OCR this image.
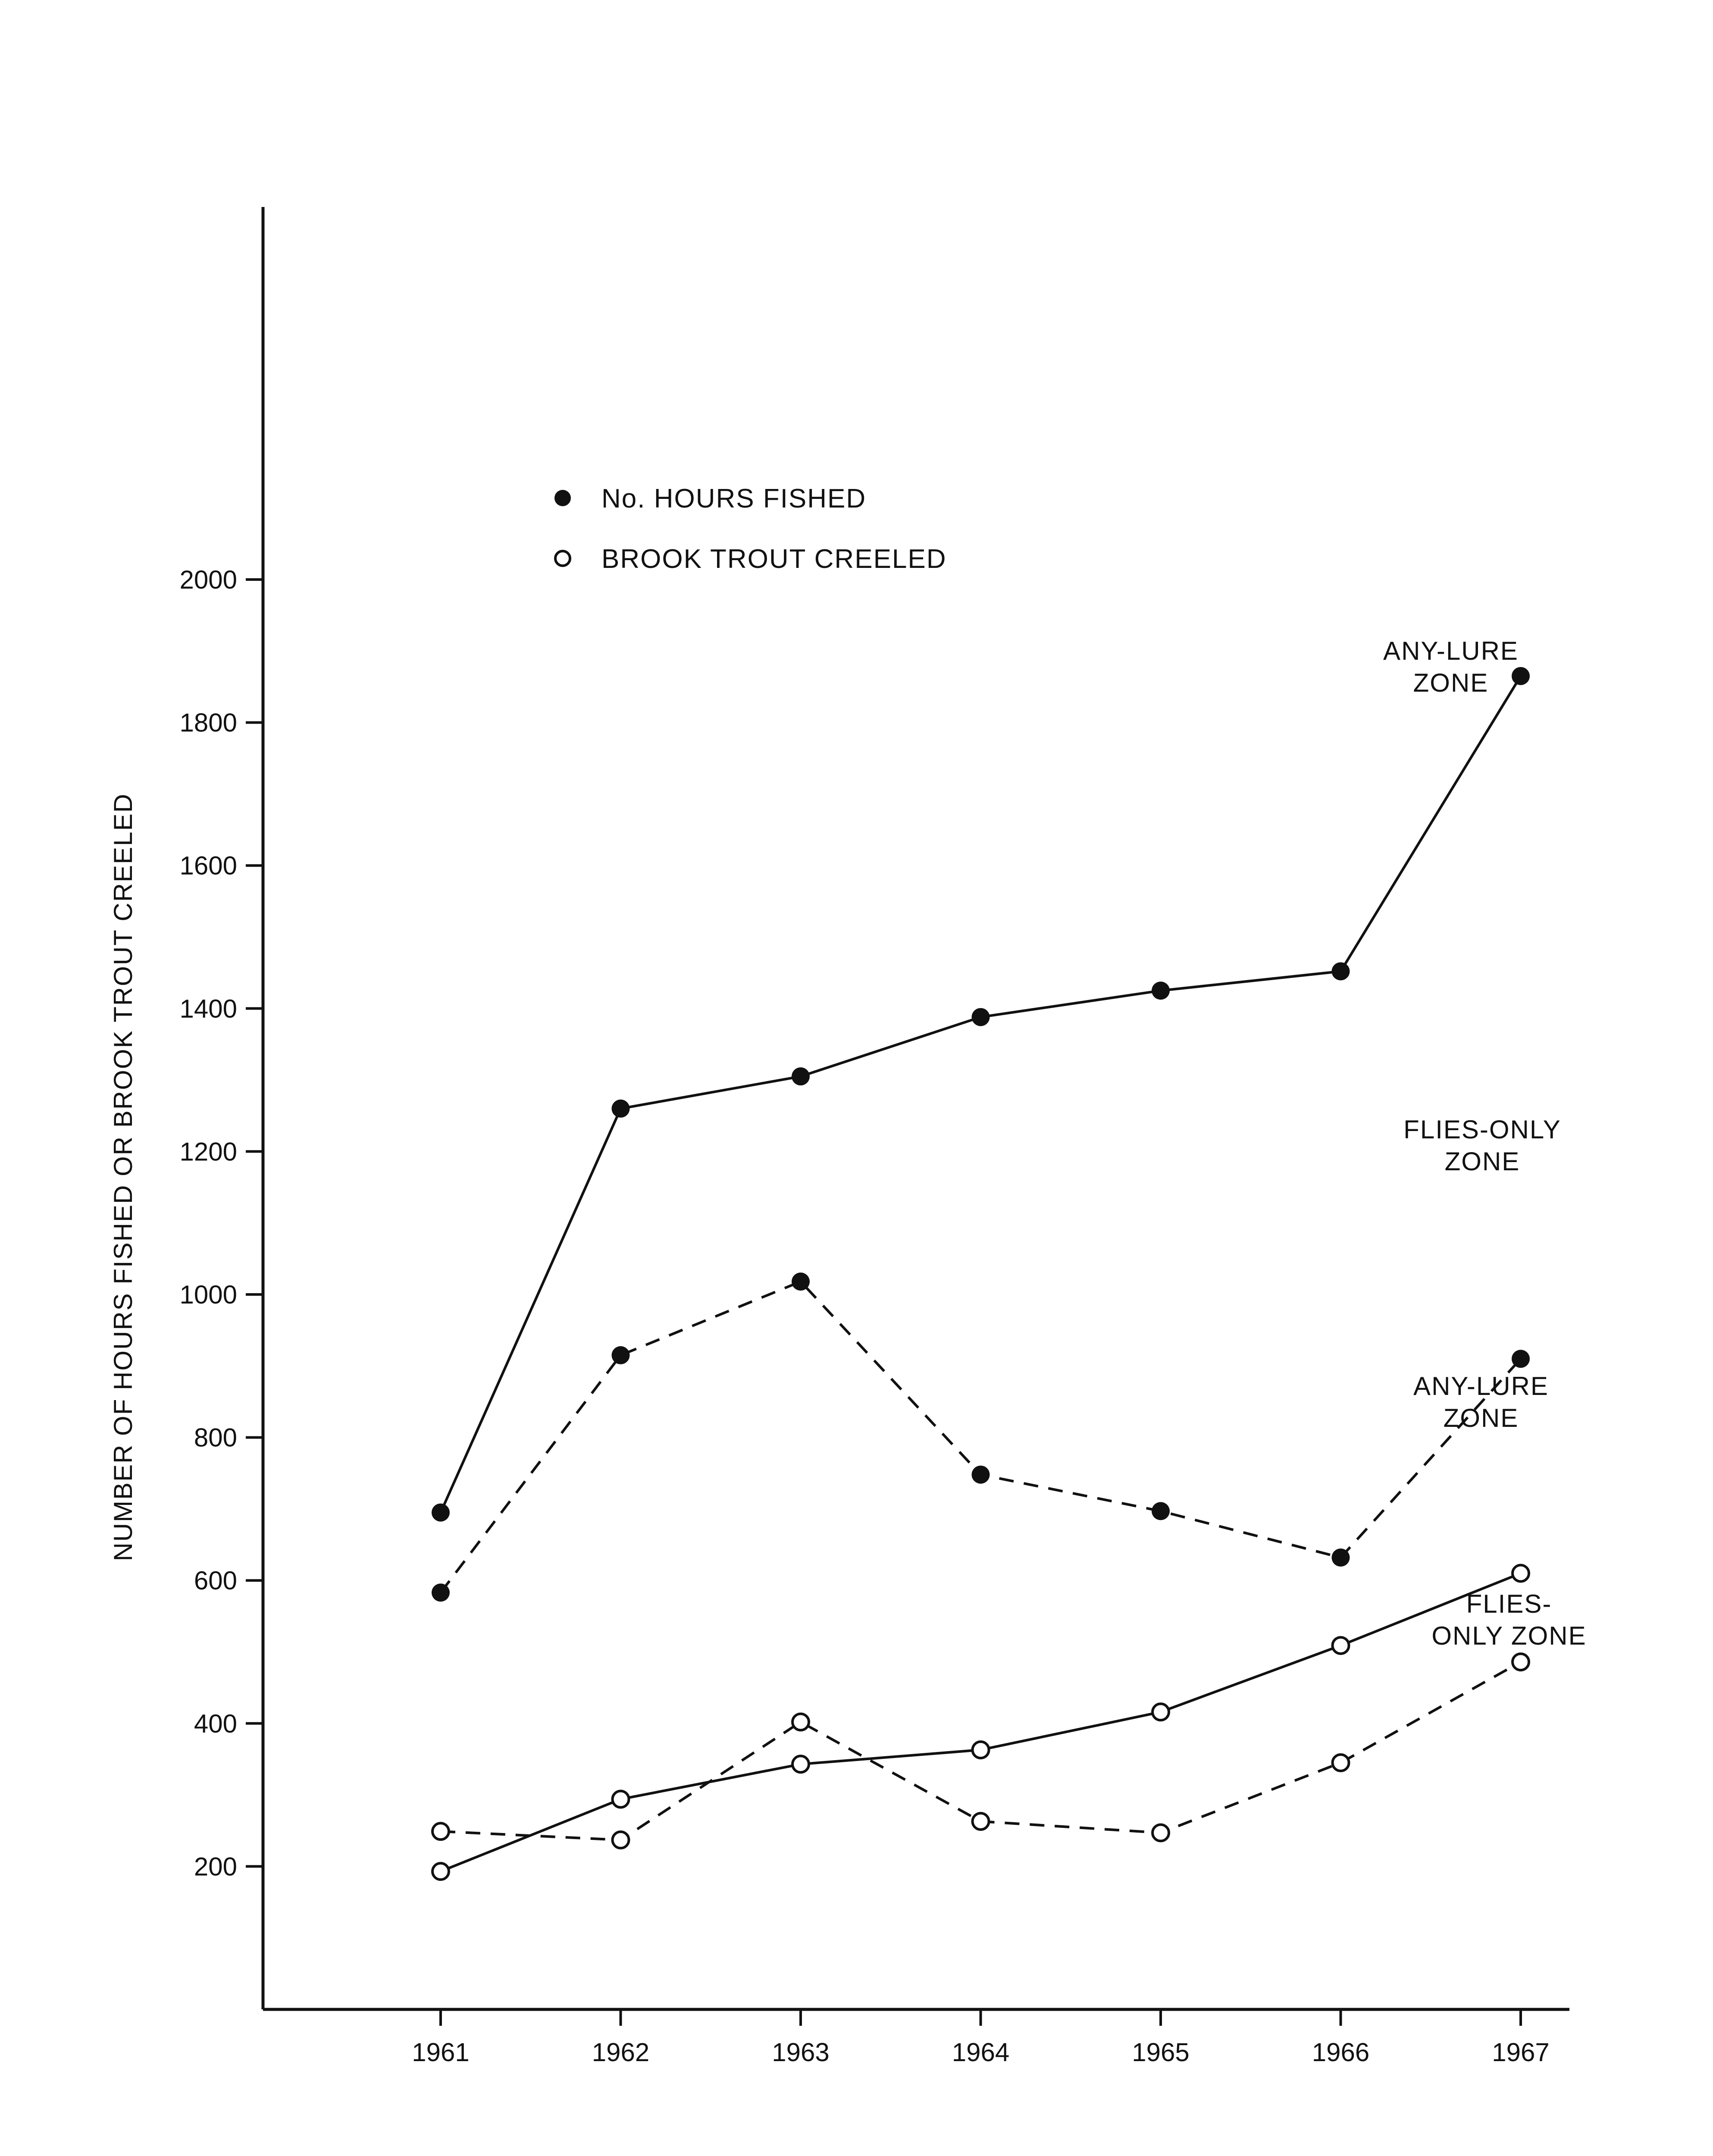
200
400
600
800
1000
1200
1400
1600
1800
2000
1961	1962	1963	1964	1965	1966	1967
No. HOURS FISHED
BROOK TROUT CREELED
ANY-LURE ZONE
FLIES-ONLY ZONE
ANY-LURE ZONE
FLIES-ONLY ZONE
NUMBER OF HOURS FISHED OR BROOK TROUT CREELED
